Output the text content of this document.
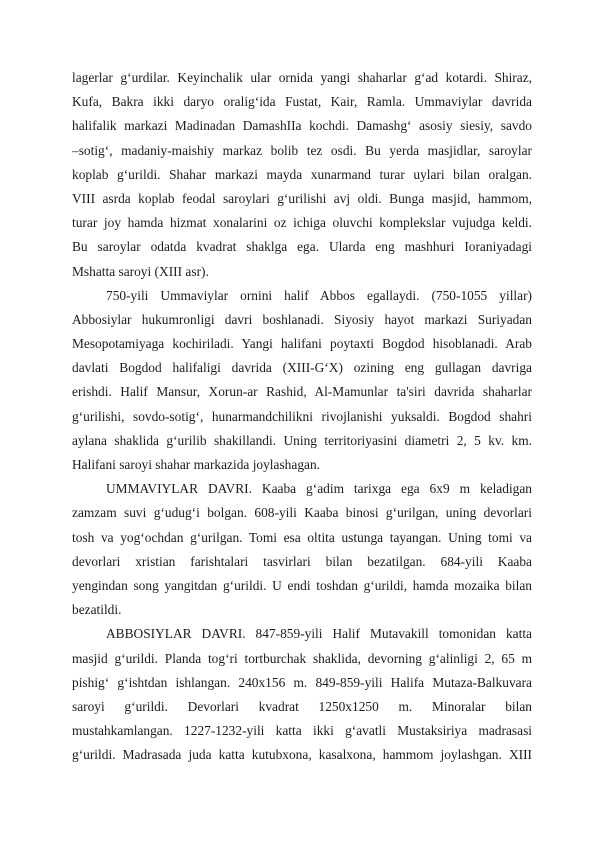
lagerlar g‘urdilar. Keyinchalik ular ornida yangi shaharlar g‘ad kotardi. Shiraz,
Kufa, Bakra ikki daryo oralig‘ida Fustat, Kair, Ramla. Ummaviylar davrida
halifalik markazi Madinadan DamashIIa kochdi. Damashg‘ asosiy siesiy, savdo
–sotig‘, madaniy-maishiy markaz bolib tez osdi. Bu yerda masjidlar, saroylar
koplab g‘urildi. Shahar markazi mayda xunarmand turar uylari bilan oralgan.
VIII asrda koplab feodal saroylari g‘urilishi avj oldi. Bunga masjid, hammom,
turar joy hamda hizmat xonalarini oz ichiga oluvchi komplekslar vujudga keldi.
Bu saroylar odatda kvadrat shaklga ega. Ularda eng mashhuri Ioraniyadagi
Mshatta saroyi (XIII asr).
750-yili Ummaviylar ornini halif Abbos egallaydi. (750-1055 yillar)
Abbosiylar hukumronligi davri boshlanadi. Siyosiy hayot markazi Suriyadan
Mesopotamiyaga kochiriladi. Yangi halifani poytaxti Bogdod hisoblanadi. Arab
davlati Bogdod halifaligi davrida (XIII-G‘X) ozining eng gullagan davriga
erishdi. Halif Mansur, Xorun-ar Rashid, Al-Mamunlar ta'siri davrida shaharlar
g‘urilishi, sovdo-sotig‘, hunarmandchilikni rivojlanishi yuksaldi. Bogdod shahri
aylana shaklida g‘urilib shakillandi. Uning territoriyasini diametri 2, 5 kv. km.
Halifani saroyi shahar markazida joylashagan.
UMMAVIYLAR DAVRI. Kaaba g‘adim tarixga ega 6x9 m keladigan
zamzam suvi g‘udug‘i bolgan. 608-yili Kaaba binosi g‘urilgan, uning devorlari
tosh va yog‘ochdan g‘urilgan. Tomi esa oltita ustunga tayangan. Uning tomi va
devorlari xristian farishtalari tasvirlari bilan bezatilgan. 684-yili Kaaba
yengindan song yangitdan g‘urildi. U endi toshdan g‘urildi, hamda mozaika bilan
bezatildi.
ABBOSIYLAR DAVRI. 847-859-yili Halif Mutavakill tomonidan katta
masjid g‘urildi. Planda tog‘ri tortburchak shaklida, devorning g‘alinligi 2, 65 m
pishig‘ g‘ishtdan ishlangan. 240x156 m. 849-859-yili Halifa Mutaza-Balkuvara
saroyi g‘urildi. Devorlari kvadrat 1250x1250 m. Minoralar bilan
mustahkamlangan. 1227-1232-yili katta ikki g‘avatli Mustaksiriya madrasasi
g‘urildi. Madrasada juda katta kutubxona, kasalxona, hammom joylashgan. XIII
